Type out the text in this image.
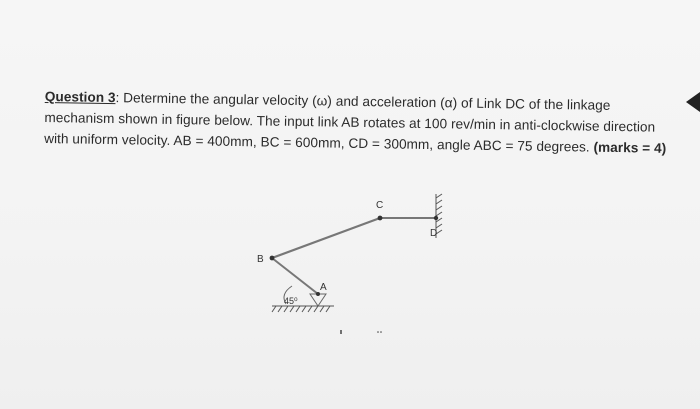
Question 3: Determine the angular velocity (ω) and acceleration (α) of Link DC of the linkage mechanism shown in figure below. The input link AB rotates at 100 rev/min in anti-clockwise direction with uniform velocity. AB = 400mm, BC = 600mm, CD = 300mm, angle ABC = 75 degrees. (marks = 4)
B
C
D
A
45⁰
